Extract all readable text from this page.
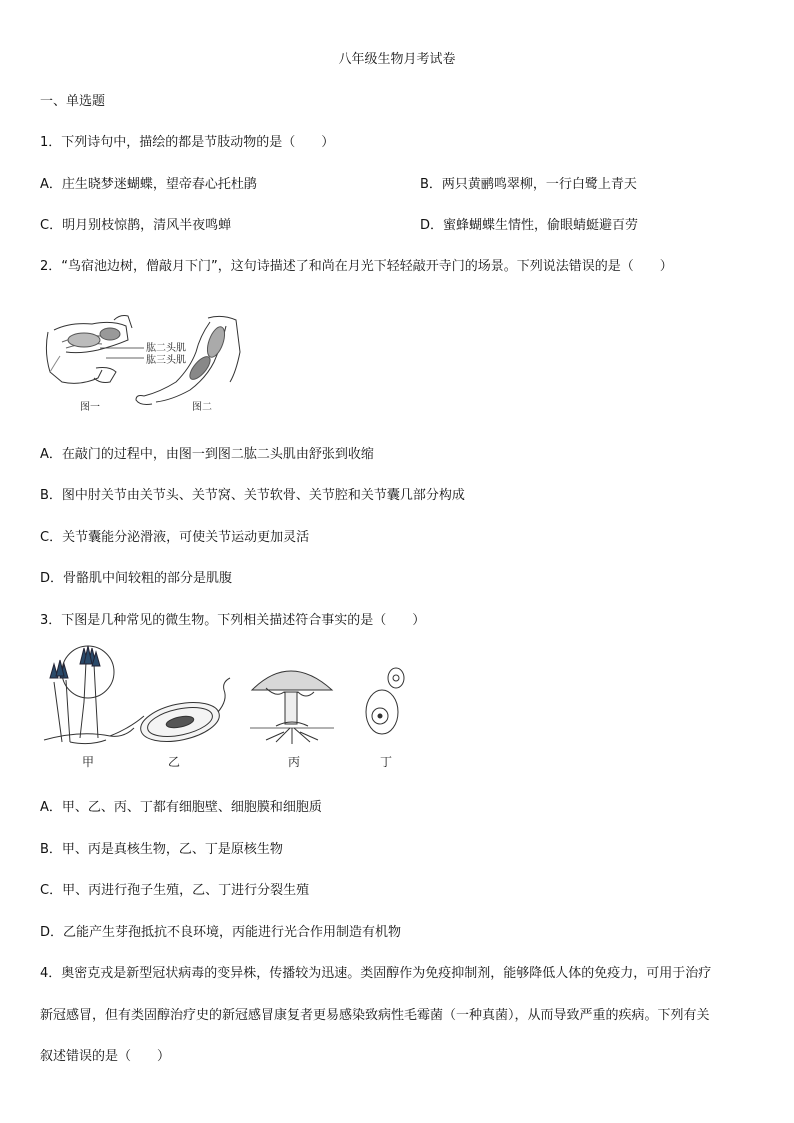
八年级生物月考试卷
一、单选题
1．下列诗句中，描绘的都是节肢动物的是（　　）
A．庄生晓梦迷蝴蝶，望帝春心托杜鹃	B．两只黄鹂鸣翠柳，一行白鹭上青天
C．明月别枝惊鹊，清风半夜鸣蝉	D．蜜蜂蝴蝶生情性，偷眼蜻蜓避百劳
2．“鸟宿池边树，僧敲月下门”，这句诗描述了和尚在月光下轻轻敲开寺门的场景。下列说法错误的是（　　）
肱二头肌
肱三头肌
图一	图二
A．在敲门的过程中，由图一到图二肱二头肌由舒张到收缩
B．图中肘关节由关节头、关节窝、关节软骨、关节腔和关节囊几部分构成
C．关节囊能分泌滑液，可使关节运动更加灵活
D．骨骼肌中间较粗的部分是肌腹
3．下图是几种常见的微生物。下列相关描述符合事实的是（　　）
甲	乙	丙	丁
A．甲、乙、丙、丁都有细胞壁、细胞膜和细胞质
B．甲、丙是真核生物，乙、丁是原核生物
C．甲、丙进行孢子生殖，乙、丁进行分裂生殖
D．乙能产生芽孢抵抗不良环境，丙能进行光合作用制造有机物
4．奥密克戎是新型冠状病毒的变异株，传播较为迅速。类固醇作为免疫抑制剂，能够降低人体的免疫力，可用于治疗
新冠感冒，但有类固醇治疗史的新冠感冒康复者更易感染致病性毛霉菌（一种真菌），从而导致严重的疾病。下列有关
叙述错误的是（　　）
